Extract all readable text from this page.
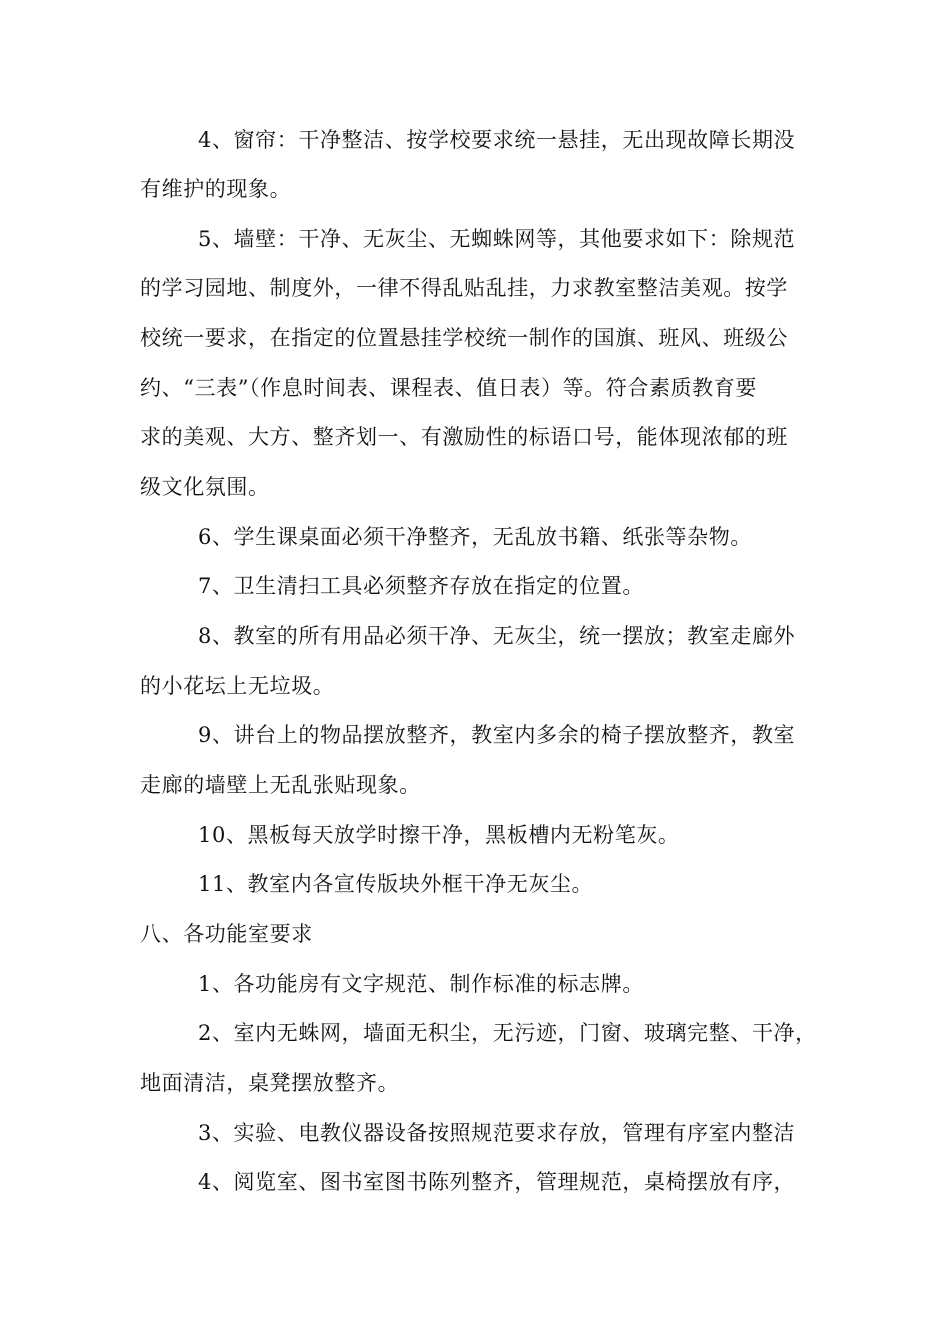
4、窗帘：干净整洁、按学校要求统一悬挂，无出现故障长期没
有维护的现象。
5、墙壁：干净、无灰尘、无蜘蛛网等，其他要求如下：除规范
的学习园地、制度外，一律不得乱贴乱挂，力求教室整洁美观。按学
校统一要求，在指定的位置悬挂学校统一制作的国旗、班风、班级公
约、“三表”（作息时间表、课程表、值日表）等。符合素质教育要
求的美观、大方、整齐划一、有激励性的标语口号，能体现浓郁的班
级文化氛围。
6、学生课桌面必须干净整齐，无乱放书籍、纸张等杂物。
7、卫生清扫工具必须整齐存放在指定的位置。
8、教室的所有用品必须干净、无灰尘，统一摆放；教室走廊外
的小花坛上无垃圾。
9、讲台上的物品摆放整齐，教室内多余的椅子摆放整齐，教室
走廊的墙壁上无乱张贴现象。
10、黑板每天放学时擦干净，黑板槽内无粉笔灰。
11、教室内各宣传版块外框干净无灰尘。
八、各功能室要求
1、各功能房有文字规范、制作标准的标志牌。
2、室内无蛛网，墙面无积尘，无污迹，门窗、玻璃完整、干净，
地面清洁，桌凳摆放整齐。
3、实验、电教仪器设备按照规范要求存放，管理有序室内整洁
4、阅览室、图书室图书陈列整齐，管理规范，桌椅摆放有序，
